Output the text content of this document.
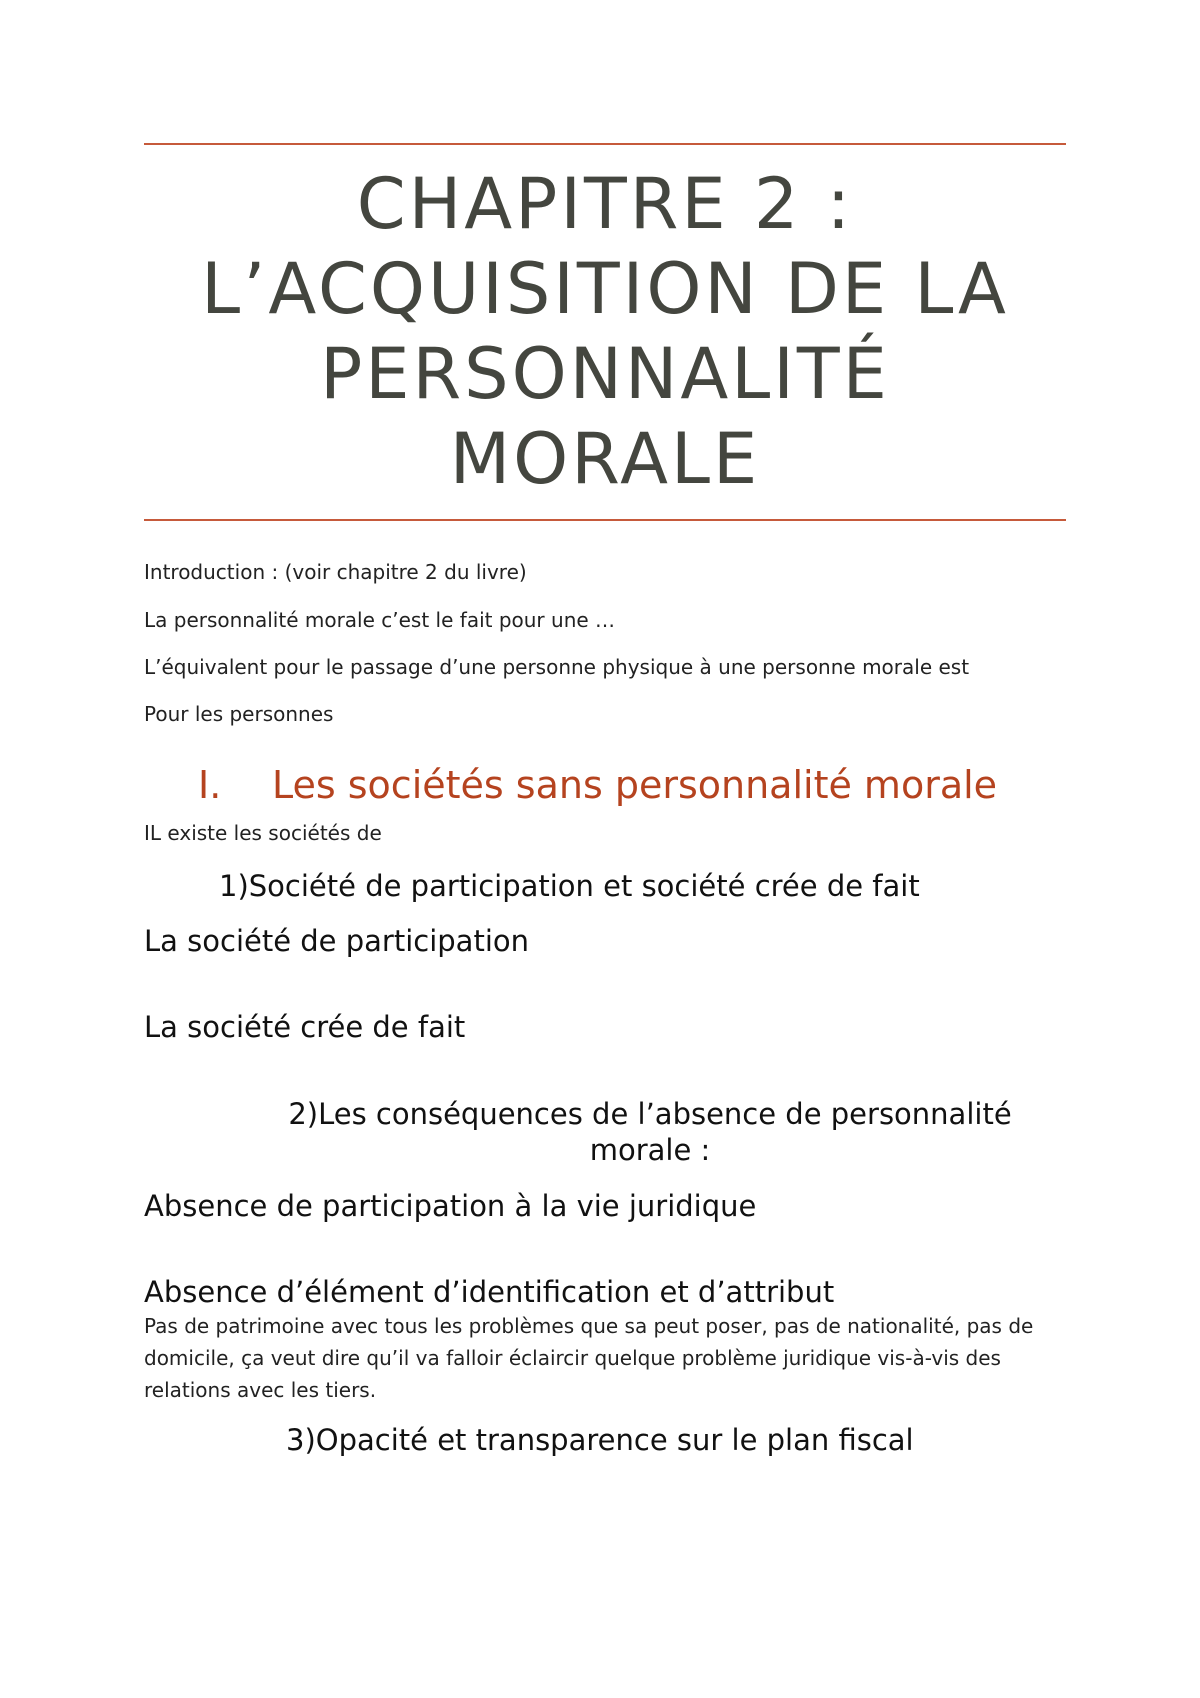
CHAPITRE 2 :
L’ACQUISITION DE LA
PERSONNALITÉ
MORALE

Introduction : (voir chapitre 2 du livre)

La personnalité morale c’est le fait pour une …

L’équivalent pour le passage d’une personne physique à une personne morale est

Pour les personnes

I. Les sociétés sans personnalité morale

IL existe les sociétés de

1)Société de participation et société crée de fait

La société de participation

La société crée de fait

2)Les conséquences de l’absence de personnalité
morale :

Absence de participation à la vie juridique

Absence d’élément d’identification et d’attribut

Pas de patrimoine avec tous les problèmes que sa peut poser, pas de nationalité, pas de domicile, ça veut dire qu’il va falloir éclaircir quelque problème juridique vis-à-vis des relations avec les tiers.

3)Opacité et transparence sur le plan fiscal
